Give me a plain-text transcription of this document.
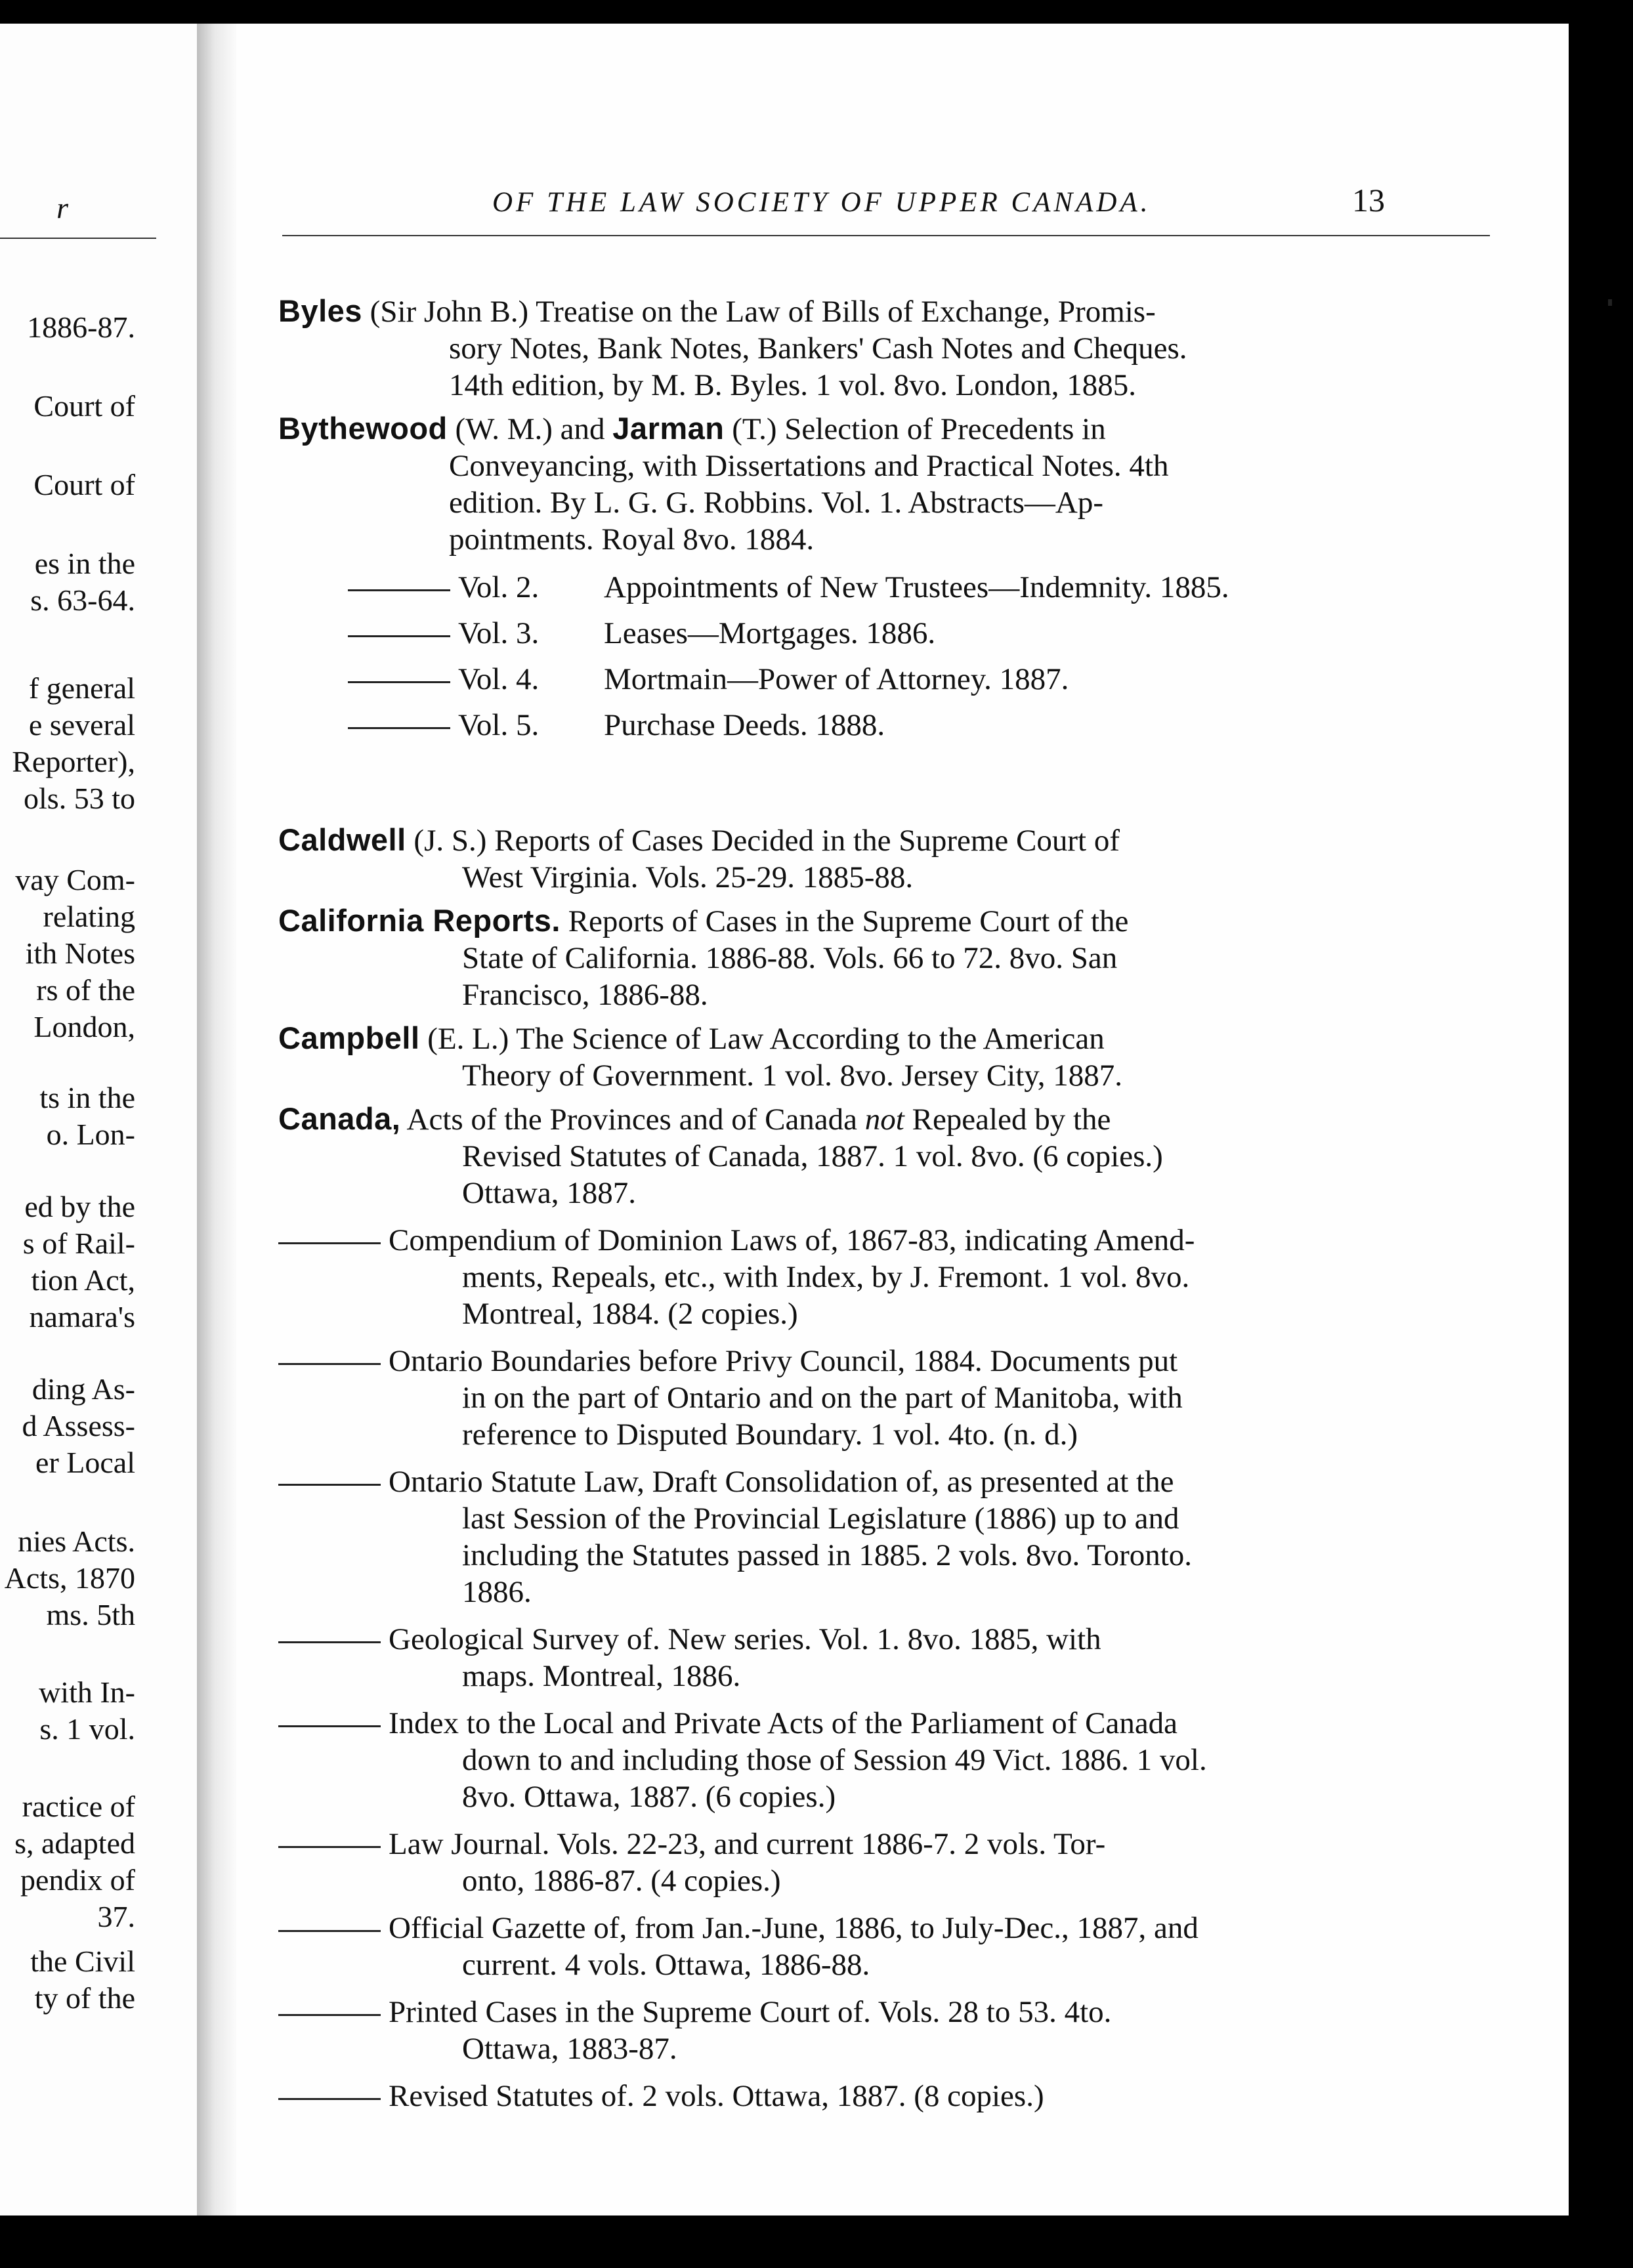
r
1886-87.
Court of
Court of
es in the
s. 63-64.
f general
e several
Reporter),
ols. 53 to
vay Com-
relating
ith Notes
rs of the
London,
ts in the
o. Lon-
ed by the
s of Rail-
tion Act,
namara's
ding As-
d Assess-
er Local
nies Acts.
Acts, 1870
ms. 5th
with In-
s. 1 vol.
ractice of
s, adapted
pendix of
37.
the Civil
ty of the
OF THE LAW SOCIETY OF UPPER CANADA.	13
Byles (Sir John B.) Treatise on the Law of Bills of Exchange, Promis-
sory Notes, Bank Notes, Bankers' Cash Notes and Cheques.
14th edition, by M. B. Byles. 1 vol. 8vo. London, 1885.
Bythewood (W. M.) and Jarman (T.) Selection of Precedents in
Conveyancing, with Dissertations and Practical Notes. 4th
edition. By L. G. G. Robbins. Vol. 1. Abstracts—Ap-
pointments. Royal 8vo. 1884.
Vol. 2. Appointments of New Trustees—Indemnity. 1885.
Vol. 3. Leases—Mortgages. 1886.
Vol. 4. Mortmain—Power of Attorney. 1887.
Vol. 5. Purchase Deeds. 1888.
Caldwell (J. S.) Reports of Cases Decided in the Supreme Court of
West Virginia. Vols. 25-29. 1885-88.
California Reports. Reports of Cases in the Supreme Court of the
State of California. 1886-88. Vols. 66 to 72. 8vo. San
Francisco, 1886-88.
Campbell (E. L.) The Science of Law According to the American
Theory of Government. 1 vol. 8vo. Jersey City, 1887.
Canada, Acts of the Provinces and of Canada not Repealed by the
Revised Statutes of Canada, 1887. 1 vol. 8vo. (6 copies.)
Ottawa, 1887.
Compendium of Dominion Laws of, 1867-83, indicating Amend-
ments, Repeals, etc., with Index, by J. Fremont. 1 vol. 8vo.
Montreal, 1884. (2 copies.)
Ontario Boundaries before Privy Council, 1884. Documents put
in on the part of Ontario and on the part of Manitoba, with
reference to Disputed Boundary. 1 vol. 4to. (n. d.)
Ontario Statute Law, Draft Consolidation of, as presented at the
last Session of the Provincial Legislature (1886) up to and
including the Statutes passed in 1885. 2 vols. 8vo. Toronto.
1886.
Geological Survey of. New series. Vol. 1. 8vo. 1885, with
maps. Montreal, 1886.
Index to the Local and Private Acts of the Parliament of Canada
down to and including those of Session 49 Vict. 1886. 1 vol.
8vo. Ottawa, 1887. (6 copies.)
Law Journal. Vols. 22-23, and current 1886-7. 2 vols. Tor-
onto, 1886-87. (4 copies.)
Official Gazette of, from Jan.-June, 1886, to July-Dec., 1887, and
current. 4 vols. Ottawa, 1886-88.
Printed Cases in the Supreme Court of. Vols. 28 to 53. 4to.
Ottawa, 1883-87.
Revised Statutes of. 2 vols. Ottawa, 1887. (8 copies.)
